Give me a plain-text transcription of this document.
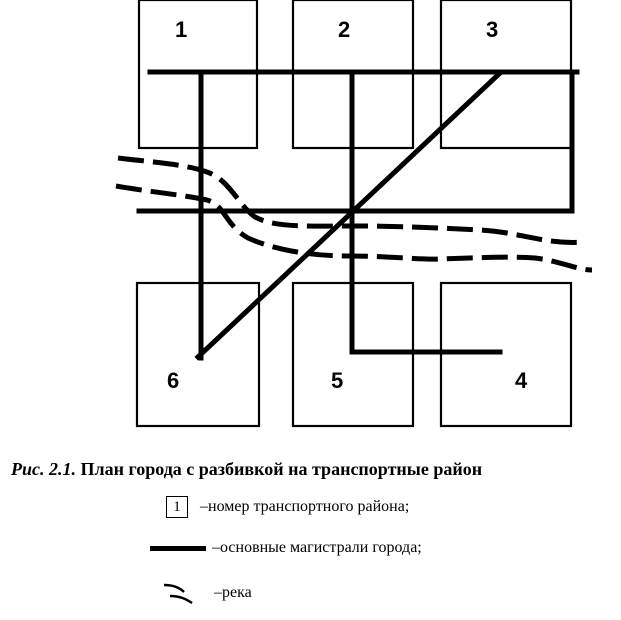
1	2	3
6	5	4
Рис. 2.1. План города с разбивкой на транспортные район
1	–номер транспортного района;
–основные магистрали города;
–река
